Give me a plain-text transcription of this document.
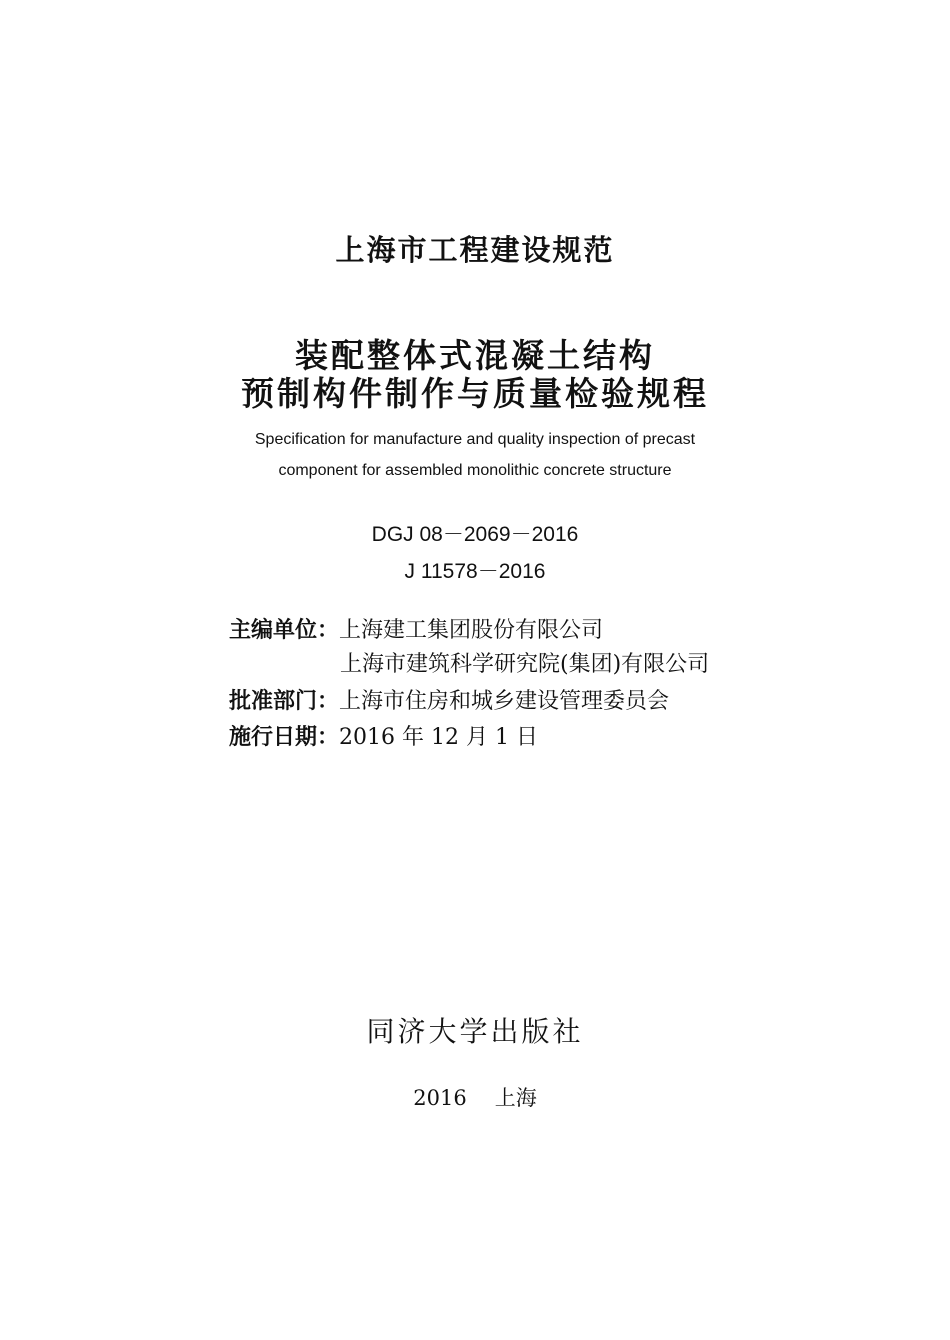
上海市工程建设规范
装配整体式混凝土结构
预制构件制作与质量检验规程
Specification for manufacture and quality inspection of precast
component for assembled monolithic concrete structure
DGJ 08－2069－2016
J 11578－2016
主编单位：上海建工集团股份有限公司
上海市建筑科学研究院(集团)有限公司
批准部门：上海市住房和城乡建设管理委员会
施行日期：2016 年 12 月 1 日
同济大学出版社
2016 上海
